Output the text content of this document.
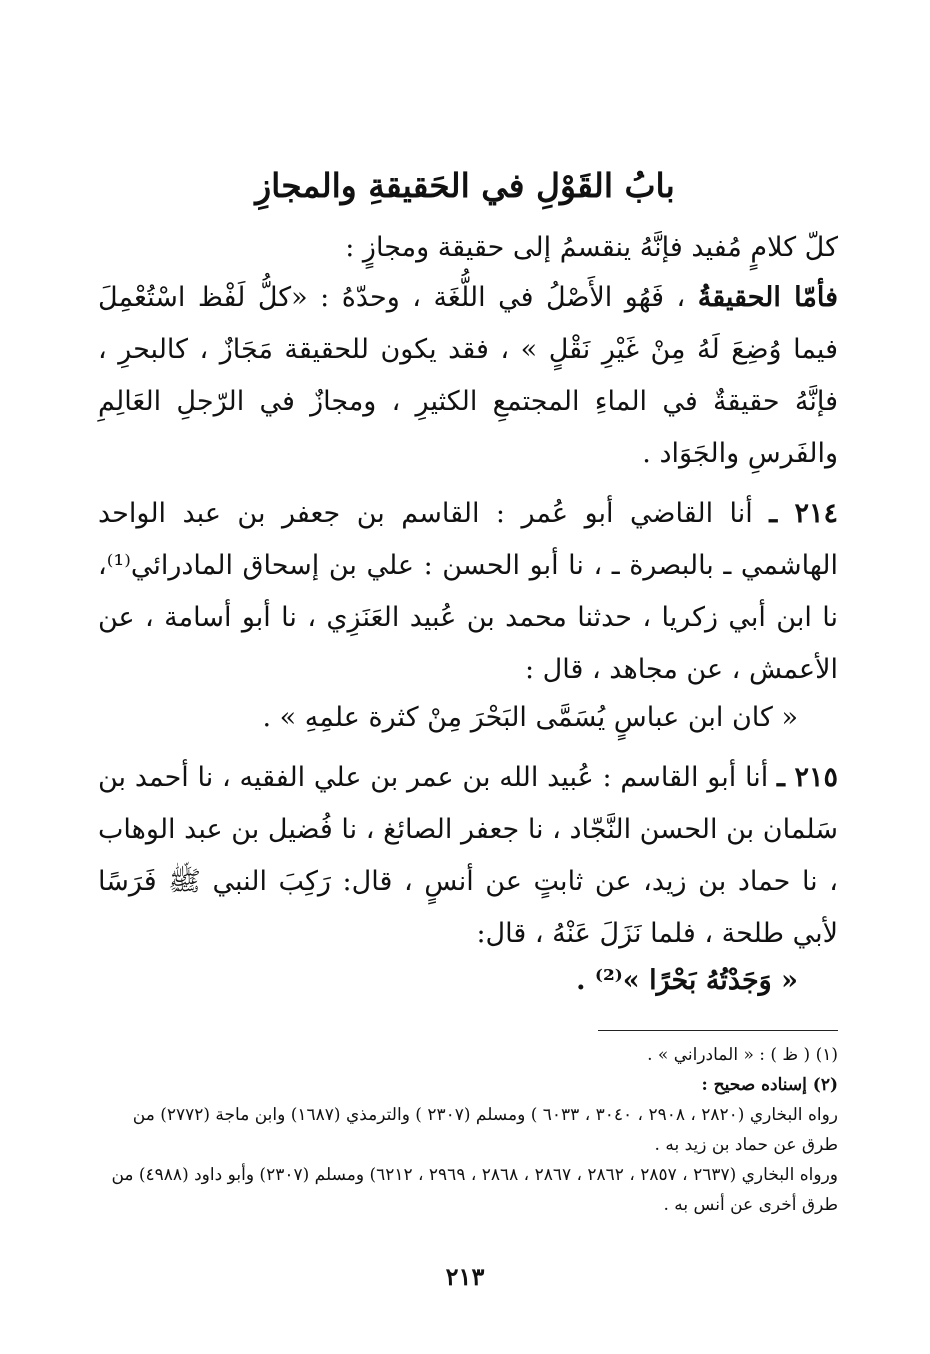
بابُ القَوْلِ في الحَقيقةِ والمجازِ

كلّ كلامٍ مُفيد فإنَّهُ ينقسمُ إلى حقيقة ومجازٍ :

فأمّا الحقيقةُ ، فَهُو الأَصْلُ في اللُّغَة ، وحدّهُ : «كلُّ لَفْظ اسْتُعْمِلَ فيما وُضِعَ لَهُ مِنْ غَيْرِ نَقْلٍ » ، فقد يكون للحقيقة مَجَازٌ ، كالبحرِ ، فإنَّهُ حقيقةٌ في الماءِ المجتمعِ الكثيرِ ، ومجازٌ في الرّجلِ العَالِمِ والفَرسِ والجَوَاد .

٢١٤ ـ أنا القاضي أبو عُمر : القاسم بن جعفر بن عبد الواحد الهاشمي ـ بالبصرة ـ ، نا أبو الحسن : علي بن إسحاق المادرائي⁽¹⁾، نا ابن أبي زكريا ، حدثنا محمد بن عُبيد العَنَزِي ، نا أبو أسامة ، عن الأعمش ، عن مجاهد ، قال :

« كان ابن عباسٍ يُسَمَّى البَحْرَ مِنْ كثرة علمِهِ » .

٢١٥ ـ أنا أبو القاسم : عُبيد الله بن عمر بن علي الفقيه ، نا أحمد بن سَلمان بن الحسن النَّجّاد ، نا جعفر الصائغ ، نا فُضيل بن عبد الوهاب ، نا حماد بن زيد، عن ثابتٍ عن أنسٍ ، قال: رَكِبَ النبي ﷺ فَرَسًا لأبي طلحة ، فلما نَزَلَ عَنْهُ ، قال:

« وَجَدْتُهُ بَحْرًا »⁽²⁾ .

(١) ( ظ ) : « المادراني » .

(٢) إسناده صحيح :

رواه البخاري (٢٨٢٠ ، ٢٩٠٨ ، ٣٠٤٠ ، ٦٠٣٣ ) ومسلم (٢٣٠٧ ) والترمذي (١٦٨٧) وابن ماجة (٢٧٧٢) من طرق عن حماد بن زيد به .

ورواه البخاري (٢٦٣٧ ، ٢٨٥٧ ، ٢٨٦٢ ، ٢٨٦٧ ، ٢٨٦٨ ، ٢٩٦٩ ، ٦٢١٢) ومسلم (٢٣٠٧) وأبو داود (٤٩٨٨) من طرق أخرى عن أنس به .

٢١٣
